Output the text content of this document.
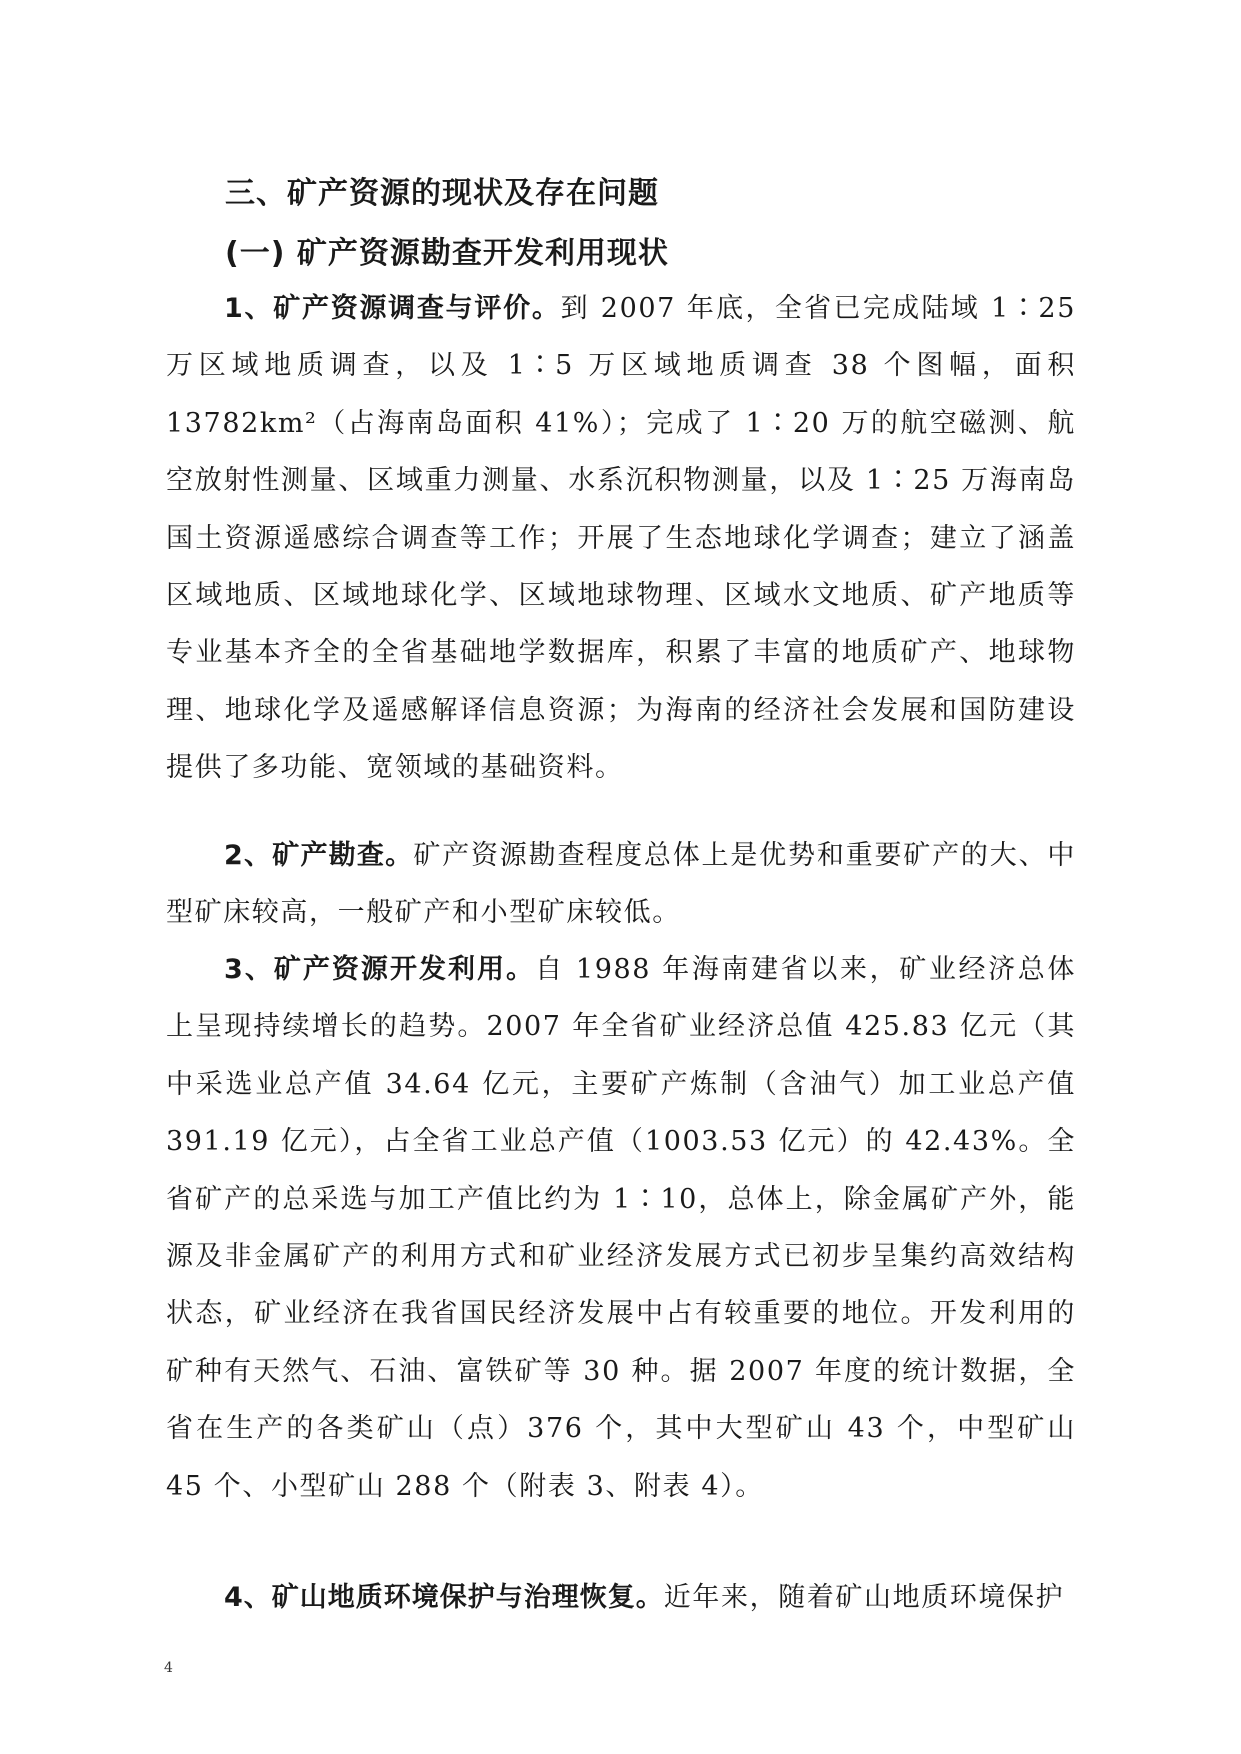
三、矿产资源的现状及存在问题
(一) 矿产资源勘查开发利用现状
1、矿产资源调查与评价。到 2007 年底，全省已完成陆域 1∶25 万区域地质调查，以及 1∶5 万区域地质调查 38 个图幅，面积 13782km²（占海南岛面积 41%）；完成了 1∶20 万的航空磁测、航空放射性测量、区域重力测量、水系沉积物测量，以及 1∶25 万海南岛国土资源遥感综合调查等工作；开展了生态地球化学调查；建立了涵盖区域地质、区域地球化学、区域地球物理、区域水文地质、矿产地质等专业基本齐全的全省基础地学数据库，积累了丰富的地质矿产、地球物理、地球化学及遥感解译信息资源；为海南的经济社会发展和国防建设提供了多功能、宽领域的基础资料。
2、矿产勘查。矿产资源勘查程度总体上是优势和重要矿产的大、中型矿床较高，一般矿产和小型矿床较低。
3、矿产资源开发利用。自 1988 年海南建省以来，矿业经济总体上呈现持续增长的趋势。2007 年全省矿业经济总值 425.83 亿元（其中采选业总产值 34.64 亿元，主要矿产炼制（含油气）加工业总产值 391.19 亿元），占全省工业总产值（1003.53 亿元）的 42.43%。全省矿产的总采选与加工产值比约为 1∶10，总体上，除金属矿产外，能源及非金属矿产的利用方式和矿业经济发展方式已初步呈集约高效结构状态，矿业经济在我省国民经济发展中占有较重要的地位。开发利用的矿种有天然气、石油、富铁矿等 30 种。据 2007 年度的统计数据，全省在生产的各类矿山（点）376 个，其中大型矿山 43 个，中型矿山 45 个、小型矿山 288 个（附表 3、附表 4）。
4、矿山地质环境保护与治理恢复。近年来，随着矿山地质环境保护
4
